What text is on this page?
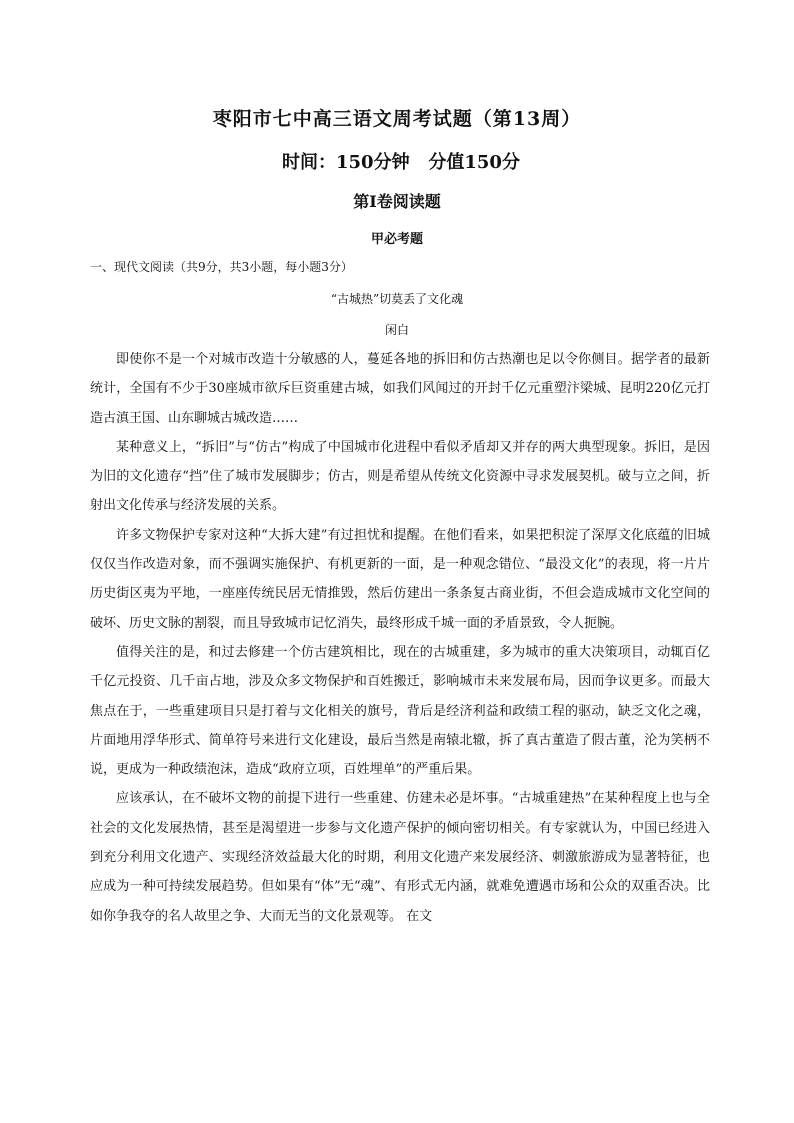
枣阳市七中高三语文周考试题（第13周）
时间：150分钟   分值150分
第Ⅰ卷阅读题
甲必考题
一、现代文阅读（共9分，共3小题，每小题3分）
“古城热”切莫丢了文化魂
闲白

即使你不是一个对城市改造十分敏感的人，蔓延各地的拆旧和仿古热潮也足以令你侧目。据学者的最新统计，全国有不少于30座城市欲斥巨资重建古城，如我们风闻过的开封千亿元重塑汴梁城、昆明220亿元打造古滇王国、山东聊城古城改造……

某种意义上，“拆旧”与“仿古”构成了中国城市化进程中看似矛盾却又并存的两大典型现象。拆旧，是因为旧的文化遗存“挡”住了城市发展脚步；仿古，则是希望从传统文化资源中寻求发展契机。破与立之间，折射出文化传承与经济发展的关系。

许多文物保护专家对这种“大拆大建”有过担忧和提醒。在他们看来，如果把积淀了深厚文化底蕴的旧城仅仅当作改造对象，而不强调实施保护、有机更新的一面，是一种观念错位、“最没文化”的表现，将一片片历史街区夷为平地，一座座传统民居无情推毁，然后仿建出一条条复古商业街，不但会造成城市文化空间的破坏、历史文脉的割裂，而且导致城市记忆消失，最终形成千城一面的矛盾景致，令人扼腕。

值得关注的是，和过去修建一个仿古建筑相比，现在的古城重建，多为城市的重大决策项目，动辄百亿千亿元投资、几千亩占地，涉及众多文物保护和百姓搬迁，影响城市未来发展布局，因而争议更多。而最大焦点在于，一些重建项目只是打着与文化相关的旗号，背后是经济利益和政绩工程的驱动，缺乏文化之魂，片面地用浮华形式、简单符号来进行文化建设，最后当然是南辕北辙，拆了真古董造了假古董，沦为笑柄不说，更成为一种政绩泡沫，造成“政府立项，百姓埋单”的严重后果。

应该承认，在不破坏文物的前提下进行一些重建、仿建未必是坏事。“古城重建热”在某种程度上也与全社会的文化发展热情，甚至是渴望进一步参与文化遗产保护的倾向密切相关。有专家就认为，中国已经进入到充分利用文化遗产、实现经济效益最大化的时期，利用文化遗产来发展经济、刺激旅游成为显著特征，也应成为一种可持续发展趋势。但如果有“体”无“魂”、有形式无内涵，就难免遭遇市场和公众的双重否决。比如你争我夺的名人故里之争、大而无当的文化景观等。 在文
